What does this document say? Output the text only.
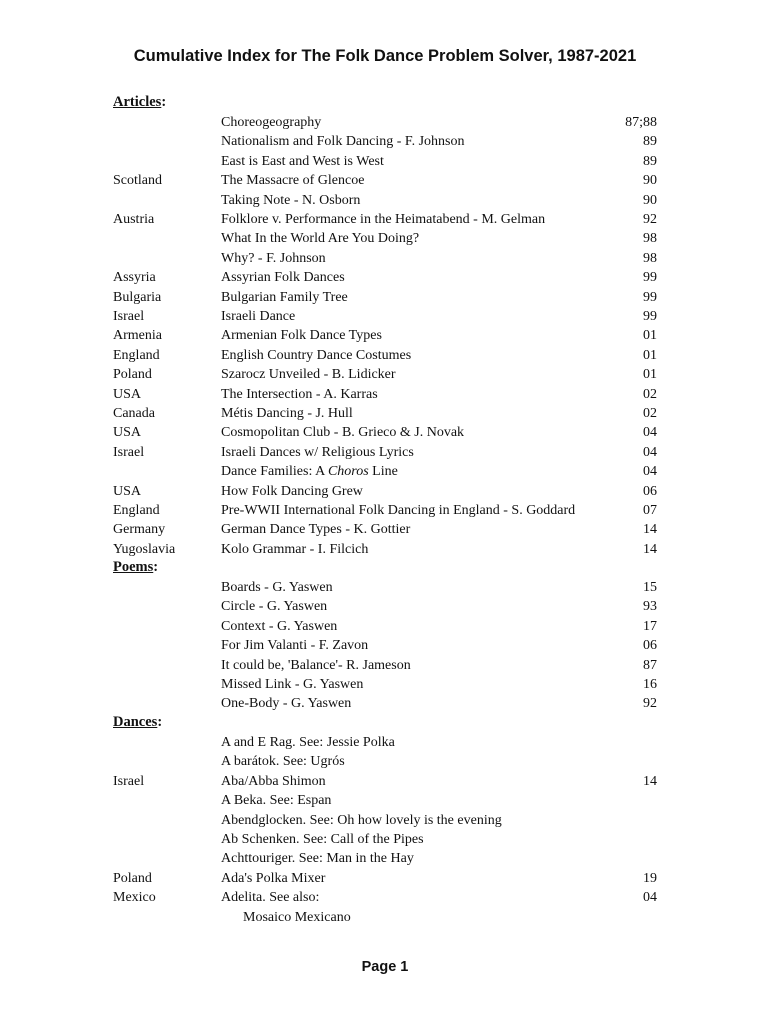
Cumulative Index for The Folk Dance Problem Solver, 1987-2021
Articles:
Choreogeography	87;88
Nationalism and Folk Dancing - F. Johnson	89
East is East and West is West	89
Scotland	The Massacre of Glencoe	90
Taking Note - N. Osborn	90
Austria	Folklore v. Performance in the Heimatabend - M. Gelman	92
What In the World Are You Doing?	98
Why? - F. Johnson	98
Assyria	Assyrian Folk Dances	99
Bulgaria	Bulgarian Family Tree	99
Israel	Israeli Dance	99
Armenia	Armenian Folk Dance Types	01
England	English Country Dance Costumes	01
Poland	Szarocz Unveiled - B. Lidicker	01
USA	The Intersection - A. Karras	02
Canada	Métis Dancing - J. Hull	02
USA	Cosmopolitan Club - B. Grieco & J. Novak	04
Israel	Israeli Dances w/ Religious Lyrics	04
Dance Families: A Choros Line	04
USA	How Folk Dancing Grew	06
England	Pre-WWII International Folk Dancing in England - S. Goddard	07
Germany	German Dance Types - K. Gottier	14
Yugoslavia	Kolo Grammar - I. Filcich	14
Poems:
Boards - G. Yaswen	15
Circle - G. Yaswen	93
Context - G. Yaswen	17
For Jim Valanti - F. Zavon	06
It could be, 'Balance'- R. Jameson	87
Missed Link - G. Yaswen	16
One-Body - G. Yaswen	92
Dances:
A and E Rag. See: Jessie Polka
A barátok. See: Ugrós
Israel	Aba/Abba Shimon	14
A Beka. See: Espan
Abendglocken. See: Oh how lovely is the evening
Ab Schenken. See: Call of the Pipes
Achttouriger. See: Man in the Hay
Poland	Ada's Polka Mixer	19
Mexico	Adelita. See also:	04
Mosaico Mexicano
Page 1
